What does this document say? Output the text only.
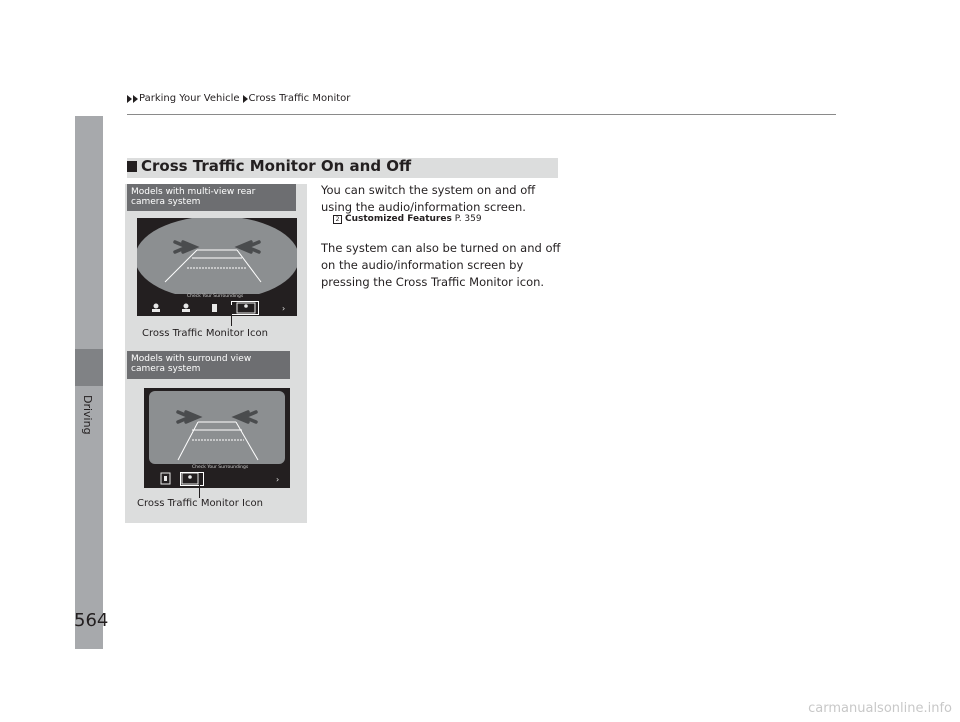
Parking Your Vehicle Cross Traffic Monitor
Driving
564
Cross Traffic Monitor On and Off
Models with multi-view rear camera system
›
Check Your Surroundings
Cross Traffic Monitor Icon
Models with surround view camera system
›
Check Your Surroundings
Cross Traffic Monitor Icon
You can switch the system on and off using the audio/information screen.
2 Customized Features P. 359
The system can also be turned on and off on the audio/information screen by pressing the Cross Traffic Monitor icon.
carmanualsonline.info
